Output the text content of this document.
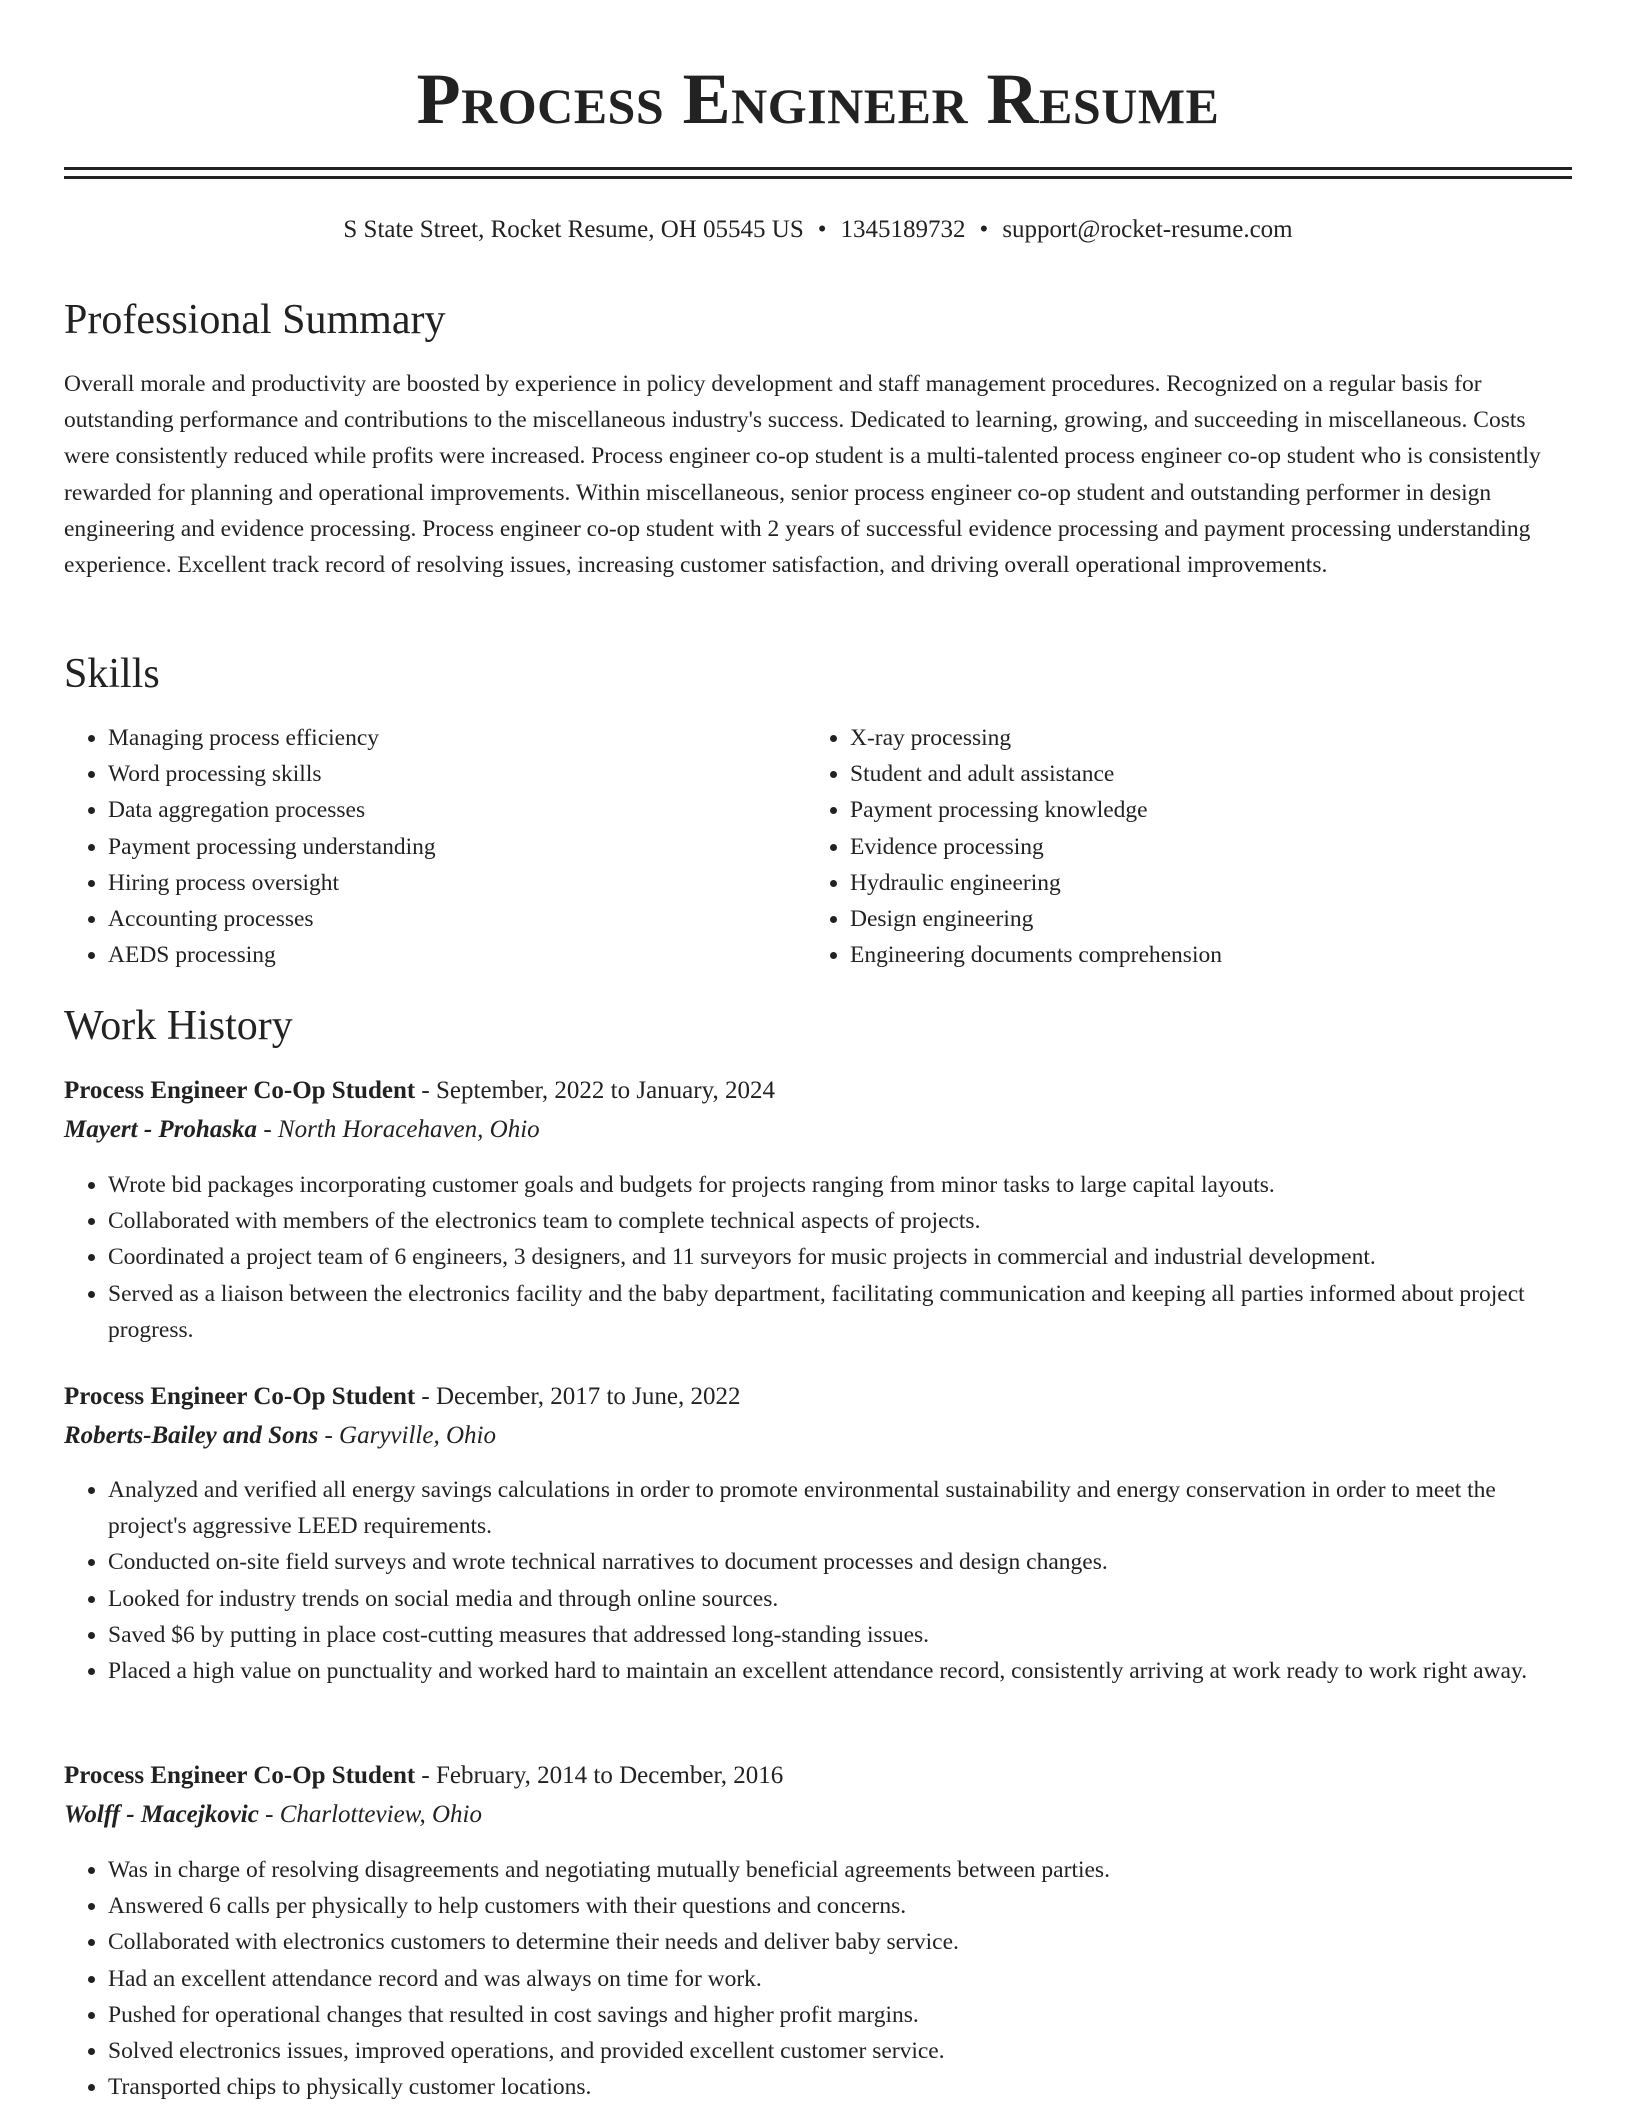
Process Engineer Resume
S State Street, Rocket Resume, OH 05545 US • 1345189732 • support@rocket-resume.com
Professional Summary

Overall morale and productivity are boosted by experience in policy development and staff management procedures. Recognized on a regular basis for outstanding performance and contributions to the miscellaneous industry's success. Dedicated to learning, growing, and succeeding in miscellaneous. Costs were consistently reduced while profits were increased. Process engineer co-op student is a multi-talented process engineer co-op student who is consistently rewarded for planning and operational improvements. Within miscellaneous, senior process engineer co-op student and outstanding performer in design engineering and evidence processing. Process engineer co-op student with 2 years of successful evidence processing and payment processing understanding experience. Excellent track record of resolving issues, increasing customer satisfaction, and driving overall operational improvements.

Skills
• Managing process efficiency
• Word processing skills
• Data aggregation processes
• Payment processing understanding
• Hiring process oversight
• Accounting processes
• AEDS processing
• X-ray processing
• Student and adult assistance
• Payment processing knowledge
• Evidence processing
• Hydraulic engineering
• Design engineering
• Engineering documents comprehension
Work History
Process Engineer Co-Op Student - September, 2022 to January, 2024
Mayert - Prohaska - North Horacehaven, Ohio
• Wrote bid packages incorporating customer goals and budgets for projects ranging from minor tasks to large capital layouts.
• Collaborated with members of the electronics team to complete technical aspects of projects.
• Coordinated a project team of 6 engineers, 3 designers, and 11 surveyors for music projects in commercial and industrial development.
• Served as a liaison between the electronics facility and the baby department, facilitating communication and keeping all parties informed about project progress.
Process Engineer Co-Op Student - December, 2017 to June, 2022
Roberts-Bailey and Sons - Garyville, Ohio
• Analyzed and verified all energy savings calculations in order to promote environmental sustainability and energy conservation in order to meet the project's aggressive LEED requirements.
• Conducted on-site field surveys and wrote technical narratives to document processes and design changes.
• Looked for industry trends on social media and through online sources.
• Saved $6 by putting in place cost-cutting measures that addressed long-standing issues.
• Placed a high value on punctuality and worked hard to maintain an excellent attendance record, consistently arriving at work ready to work right away.
Process Engineer Co-Op Student - February, 2014 to December, 2016
Wolff - Macejkovic - Charlotteview, Ohio
• Was in charge of resolving disagreements and negotiating mutually beneficial agreements between parties.
• Answered 6 calls per physically to help customers with their questions and concerns.
• Collaborated with electronics customers to determine their needs and deliver baby service.
• Had an excellent attendance record and was always on time for work.
• Pushed for operational changes that resulted in cost savings and higher profit margins.
• Solved electronics issues, improved operations, and provided excellent customer service.
• Transported chips to physically customer locations.
